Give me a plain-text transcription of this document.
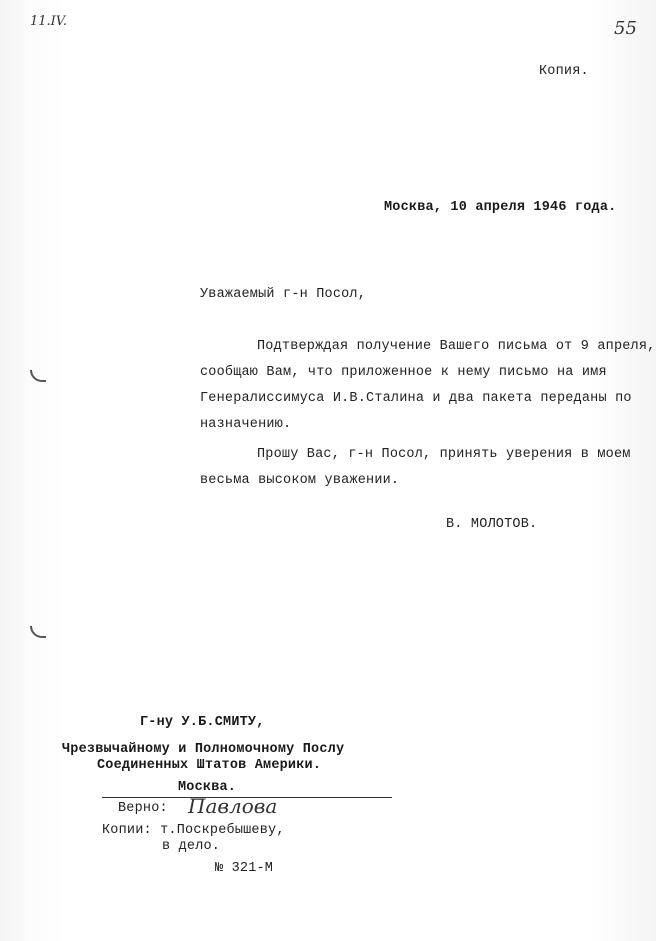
11.IV.	55
Копия.
Москва, 10 апреля 1946 года.
Уважаемый г-н Посол,
Подтверждая получение Вашего письма от 9 апреля,
сообщаю Вам, что приложенное к нему письмо на имя
Генералиссимуса И.В.Сталина и два пакета переданы по
назначению.
Прошу Вас, г-н Посол, принять уверения в моем
весьма высоком уважении.
В. МОЛОТОВ.
Г-ну У.Б.СМИТУ,
Чрезвычайному и Полномочному Послу
Соединенных Штатов Америки.
Москва.
Верно: Павлова
Копии: т.Поскребышеву,
в дело.
№ 321-М
